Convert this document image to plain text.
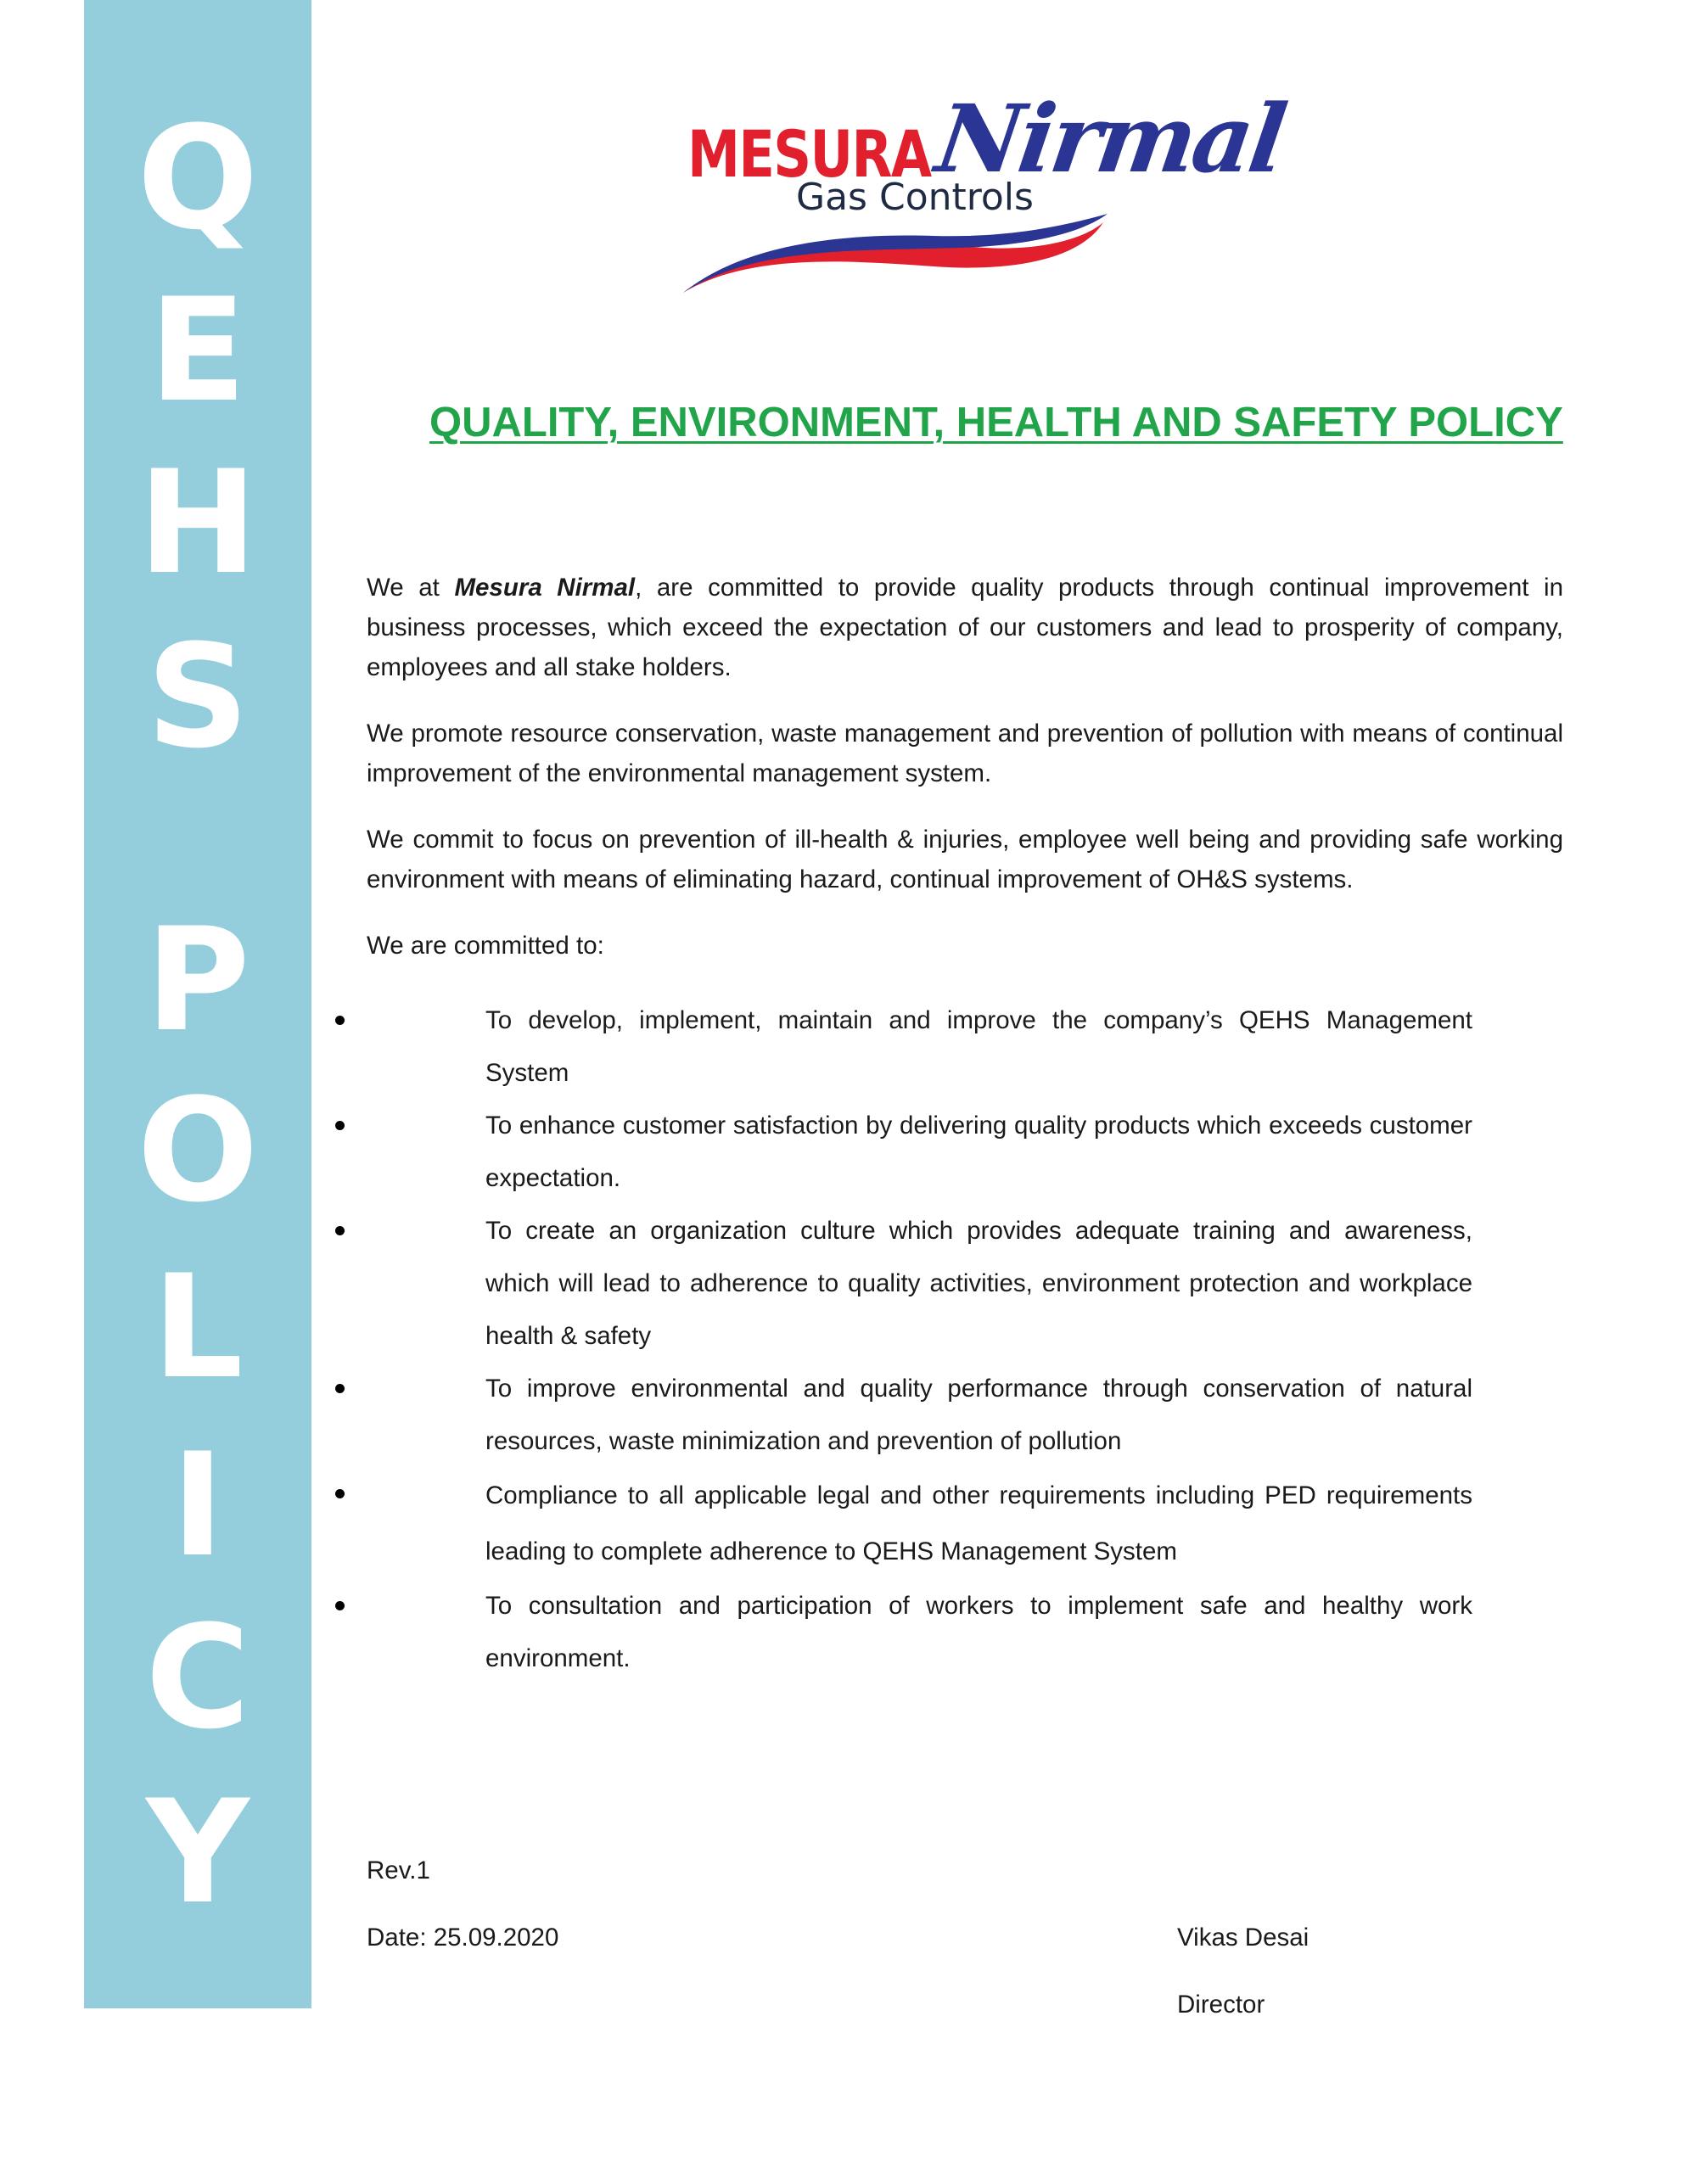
Q
E
H
S
P
O
L
I
C
Y
MESURA Nirmal
Gas Controls
QUALITY, ENVIRONMENT, HEALTH AND SAFETY POLICY

We at Mesura Nirmal, are committed to provide quality products through continual improvement in business processes, which exceed the expectation of our customers and lead to prosperity of company, employees and all stake holders.

We promote resource conservation, waste management and prevention of pollution with means of continual improvement of the environmental management system.

We commit to focus on prevention of ill-health & injuries, employee well being and providing safe working environment with means of eliminating hazard, continual improvement of OH&S systems.

We are committed to:

To develop, implement, maintain and improve the company’s QEHS Management System
To enhance customer satisfaction by delivering quality products which exceeds customer expectation.
To create an organization culture which provides adequate training and awareness, which will lead to adherence to quality activities, environment protection and workplace health & safety
To improve environmental and quality performance through conservation of natural resources, waste minimization and prevention of pollution
Compliance to all applicable legal and other requirements including PED requirements leading to complete adherence to QEHS Management System
To consultation and participation of workers to implement safe and healthy work environment.
Rev.1
Date: 25.09.2020	Vikas Desai
Director
